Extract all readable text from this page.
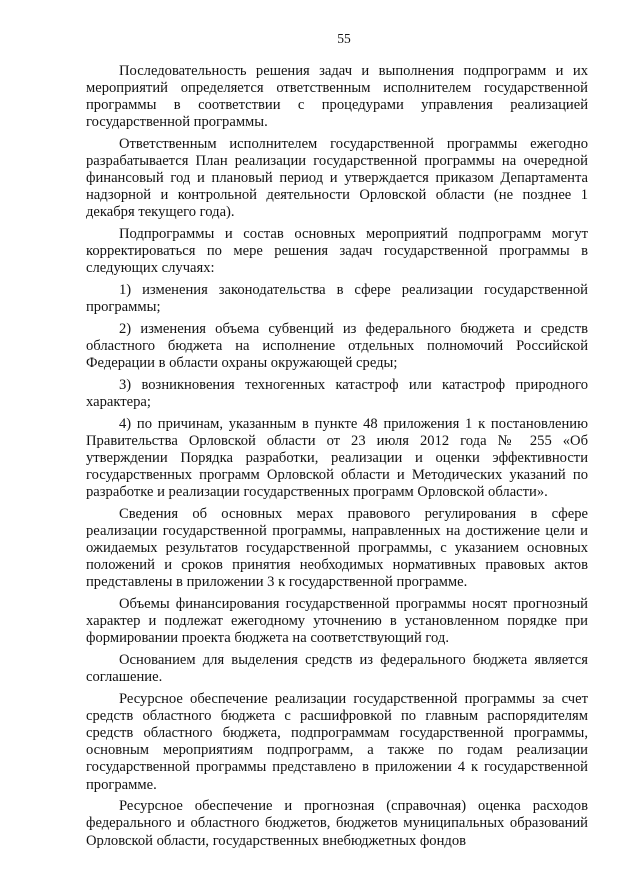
55

Последовательность решения задач и выполнения подпрограмм и их мероприятий определяется ответственным исполнителем государственной программы в соответствии с процедурами управления реализацией государственной программы.

Ответственным исполнителем государственной программы ежегодно разрабатывается План реализации государственной программы на очередной финансовый год и плановый период и утверждается приказом Департамента надзорной и контрольной деятельности Орловской области (не позднее 1 декабря текущего года).

Подпрограммы и состав основных мероприятий подпрограмм могут корректироваться по мере решения задач государственной программы в следующих случаях:

1) изменения законодательства в сфере реализации государственной программы;

2) изменения объема субвенций из федерального бюджета и средств областного бюджета на исполнение отдельных полномочий Российской Федерации в области охраны окружающей среды;

3) возникновения техногенных катастроф или катастроф природного характера;

4) по причинам, указанным в пункте 48 приложения 1 к постановлению Правительства Орловской области от 23 июля 2012 года № 255 «Об утверждении Порядка разработки, реализации и оценки эффективности государственных программ Орловской области и Методических указаний по разработке и реализации государственных программ Орловской области».

Сведения об основных мерах правового регулирования в сфере реализации государственной программы, направленных на достижение цели и ожидаемых результатов государственной программы, с указанием основных положений и сроков принятия необходимых нормативных правовых актов представлены в приложении 3 к государственной программе.

Объемы финансирования государственной программы носят прогнозный характер и подлежат ежегодному уточнению в установленном порядке при формировании проекта бюджета на соответствующий год.

Основанием для выделения средств из федерального бюджета является соглашение.

Ресурсное обеспечение реализации государственной программы за счет средств областного бюджета с расшифровкой по главным распорядителям средств областного бюджета, подпрограммам государственной программы, основным мероприятиям подпрограмм, а также по годам реализации государственной программы представлено в приложении 4 к государственной программе.

Ресурсное обеспечение и прогнозная (справочная) оценка расходов федерального и областного бюджетов, бюджетов муниципальных образований Орловской области, государственных внебюджетных фондов
